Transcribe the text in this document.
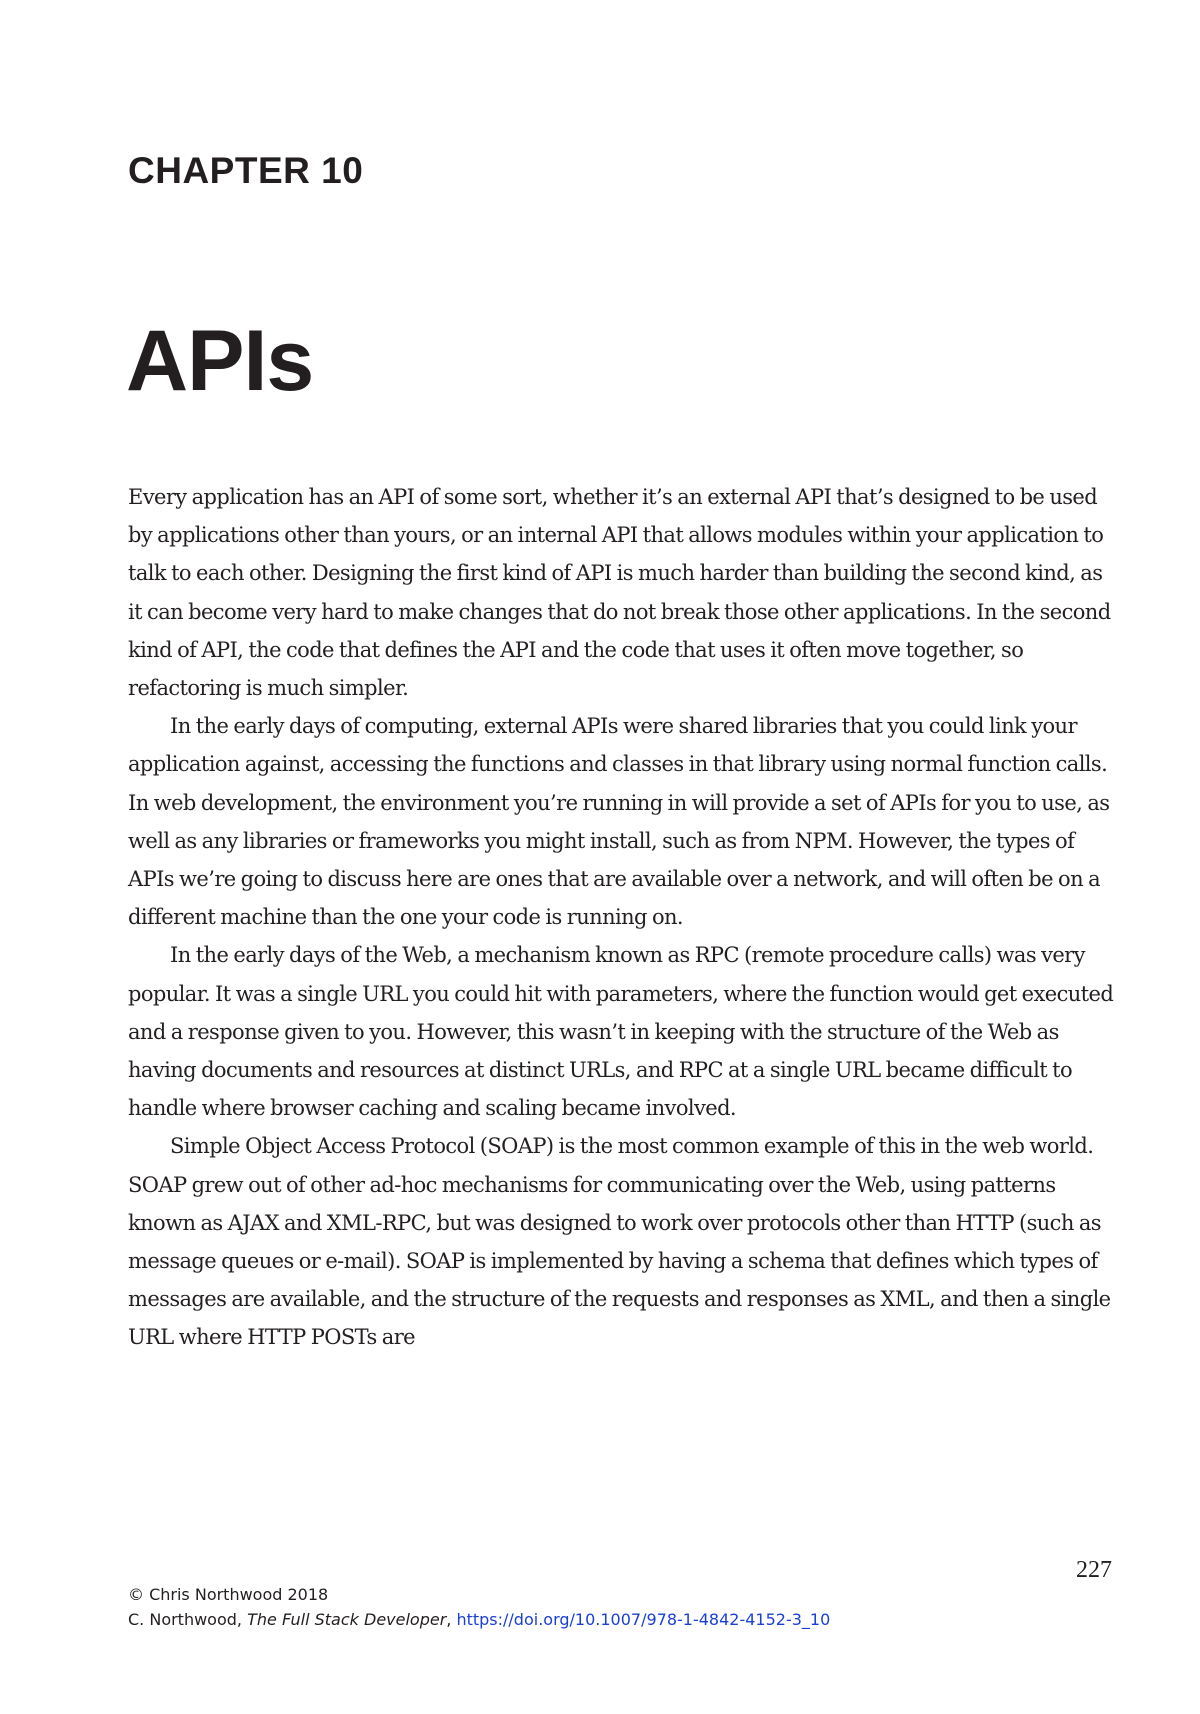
CHAPTER 10
APIs

Every application has an API of some sort, whether it’s an external API that’s designed to be used by applications other than yours, or an internal API that allows modules within your application to talk to each other. Designing the first kind of API is much harder than building the second kind, as it can become very hard to make changes that do not break those other applications. In the second kind of API, the code that defines the API and the code that uses it often move together, so refactoring is much simpler.

In the early days of computing, external APIs were shared libraries that you could link your application against, accessing the functions and classes in that library using normal function calls. In web development, the environment you’re running in will provide a set of APIs for you to use, as well as any libraries or frameworks you might install, such as from NPM. However, the types of APIs we’re going to discuss here are ones that are available over a network, and will often be on a different machine than the one your code is running on.

In the early days of the Web, a mechanism known as RPC (remote procedure calls) was very popular. It was a single URL you could hit with parameters, where the function would get executed and a response given to you. However, this wasn’t in keeping with the structure of the Web as having documents and resources at distinct URLs, and RPC at a single URL became difficult to handle where browser caching and scaling became involved.

Simple Object Access Protocol (SOAP) is the most common example of this in the web world. SOAP grew out of other ad-hoc mechanisms for communicating over the Web, using patterns known as AJAX and XML-RPC, but was designed to work over protocols other than HTTP (such as message queues or e-mail). SOAP is implemented by having a schema that defines which types of messages are available, and the structure of the requests and responses as XML, and then a single URL where HTTP POSTs are

227
© Chris Northwood 2018
C. Northwood, The Full Stack Developer, https://doi.org/10.1007/978-1-4842-4152-3_10
